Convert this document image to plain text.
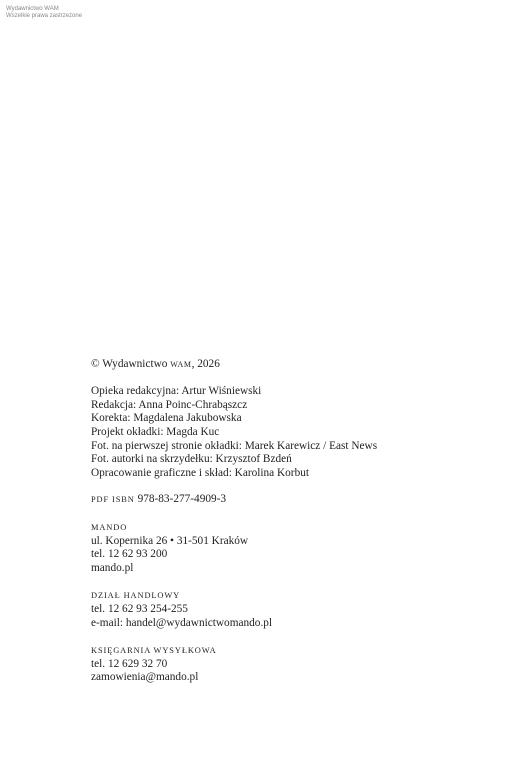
Wydawnictwo WAM
Wszelkie prawa zastrzeżone
© Wydawnictwo wam, 2026
Opieka redakcyjna: Artur Wiśniewski
Redakcja: Anna Poinc-Chrabąszcz
Korekta: Magdalena Jakubowska
Projekt okładki: Magda Kuc
Fot. na pierwszej stronie okładki: Marek Karewicz / East News
Fot. autorki na skrzydełku: Krzysztof Bzdeń
Opracowanie graficzne i skład: Karolina Korbut
PDF ISBN 978-83-277-4909-3
MANDO
ul. Kopernika 26 • 31-501 Kraków
tel. 12 62 93 200
mando.pl
DZIAŁ HANDLOWY
tel. 12 62 93 254-255
e-mail: handel@wydawnictwomando.pl
KSIĘGARNIA WYSYŁKOWA
tel. 12 629 32 70
zamowienia@mando.pl
